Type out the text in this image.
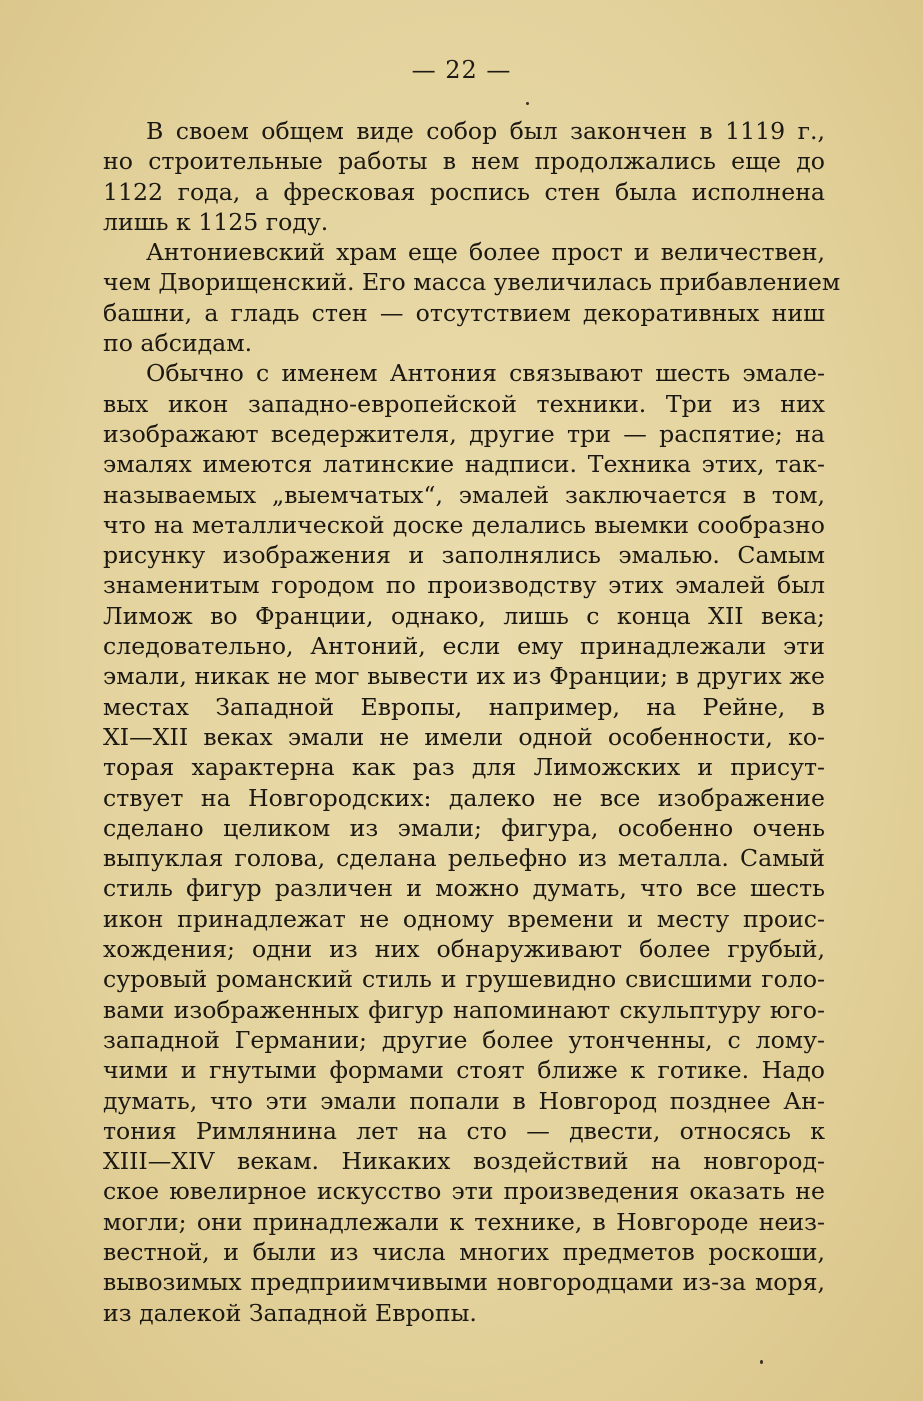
— 22 —
В своем общем виде собор был закончен в 1119 г.,
но строительные работы в нем продолжались еще до
1122 года, а фресковая роспись стен была исполнена
лишь к 1125 году.
Антониевский храм еще более прост и величествен,
чем Дворищенский. Его масса увеличилась прибавлением
башни, а гладь стен — отсутствием декоративных ниш
по абсидам.
Обычно с именем Антония связывают шесть эмале-
вых икон западно-европейской техники. Три из них
изображают вседержителя, другие три — распятие; на
эмалях имеются латинские надписи. Техника этих, так-
называемых „выемчатых“, эмалей заключается в том,
что на металлической доске делались выемки сообразно
рисунку изображения и заполнялись эмалью. Самым
знаменитым городом по производству этих эмалей был
Лимож во Франции, однако, лишь с конца XII века;
следовательно, Антоний, если ему принадлежали эти
эмали, никак не мог вывести их из Франции; в других же
местах Западной Европы, например, на Рейне, в
XI—XII веках эмали не имели одной особенности, ко-
торая характерна как раз для Лиможских и присут-
ствует на Новгородских: далеко не все изображение
сделано целиком из эмали; фигура, особенно очень
выпуклая голова, сделана рельефно из металла. Самый
стиль фигур различен и можно думать, что все шесть
икон принадлежат не одному времени и месту проис-
хождения; одни из них обнаруживают более грубый,
суровый романский стиль и грушевидно свисшими голо-
вами изображенных фигур напоминают скульптуру юго-
западной Германии; другие более утонченны, с лому-
чими и гнутыми формами стоят ближе к готике. Надо
думать, что эти эмали попали в Новгород позднее Ан-
тония Римлянина лет на сто — двести, относясь к
XIII—XIV векам. Никаких воздействий на новгород-
ское ювелирное искусство эти произведения оказать не
могли; они принадлежали к технике, в Новгороде неиз-
вестной, и были из числа многих предметов роскоши,
вывозимых предприимчивыми новгородцами из-за моря,
из далекой Западной Европы.
